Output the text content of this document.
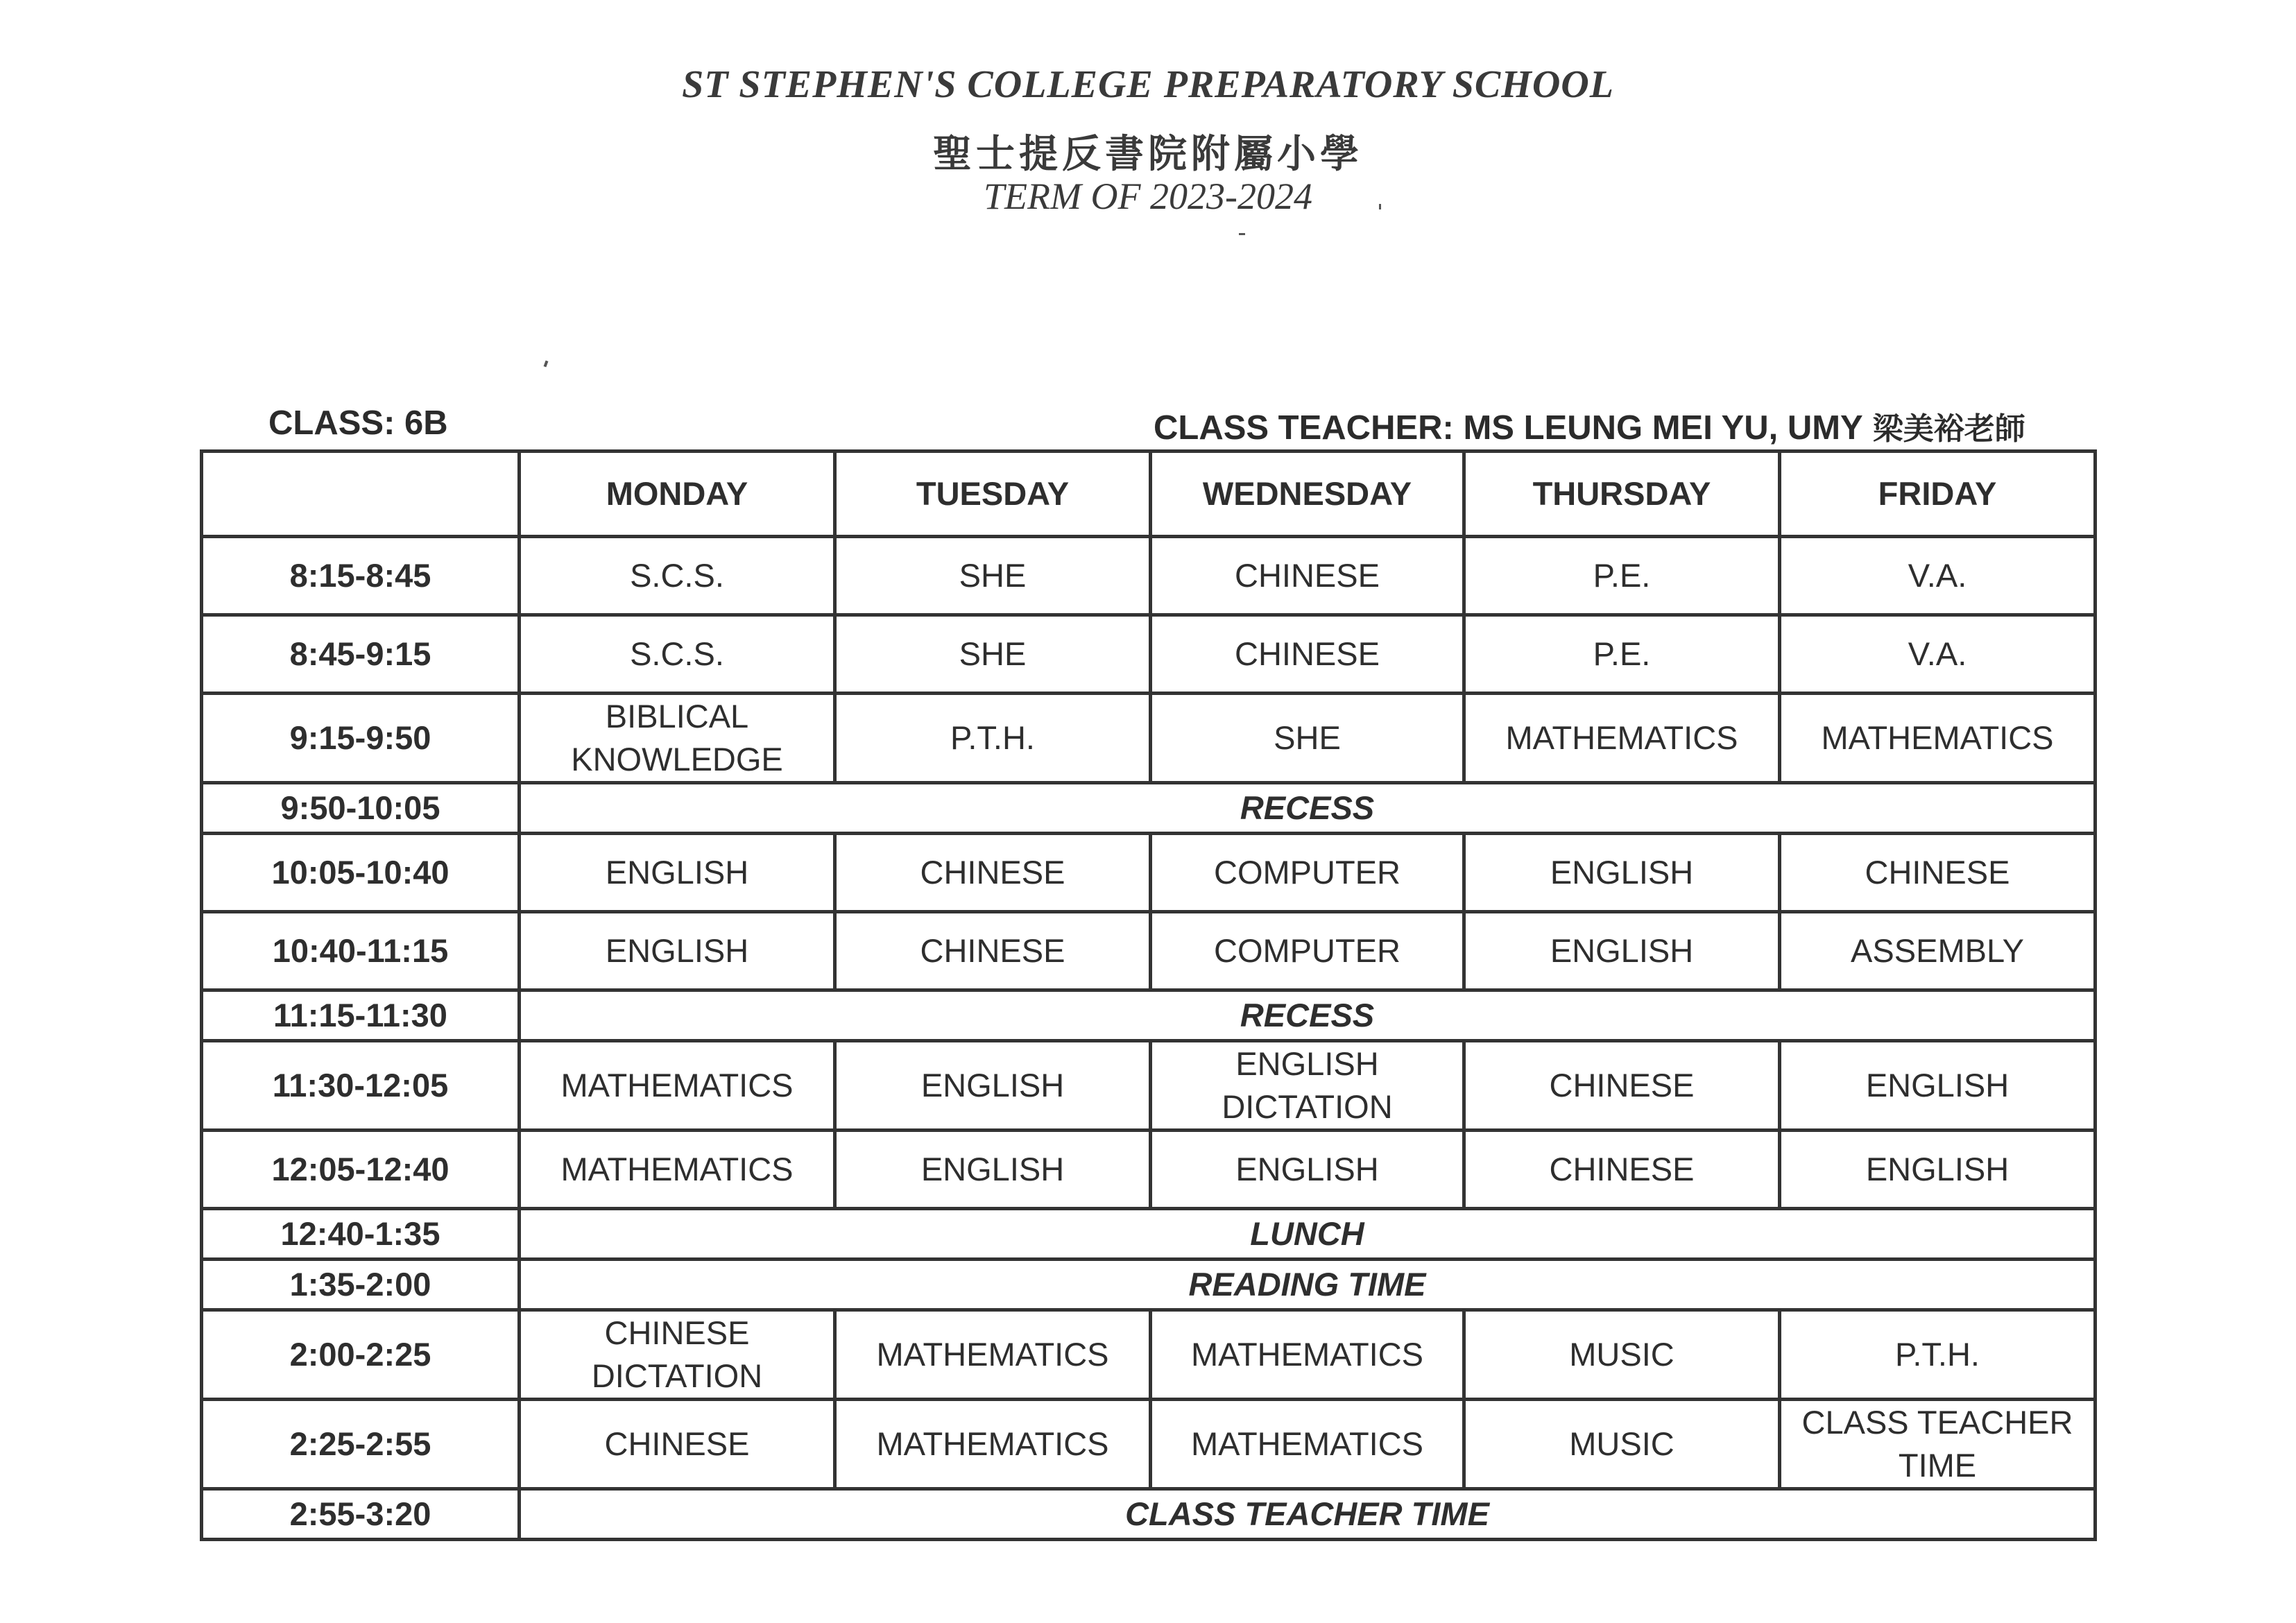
ST STEPHEN'S COLLEGE PREPARATORY SCHOOL
聖士提反書院附屬小學
TERM OF 2023-2024
CLASS: 6B	CLASS TEACHER: MS LEUNG MEI YU, UMY 梁美裕老師
	MONDAY	TUESDAY	WEDNESDAY	THURSDAY	FRIDAY
8:15-8:45	S.C.S.	SHE	CHINESE	P.E.	V.A.
8:45-9:15	S.C.S.	SHE	CHINESE	P.E.	V.A.
9:15-9:50	BIBLICAL KNOWLEDGE	P.T.H.	SHE	MATHEMATICS	MATHEMATICS
9:50-10:05	RECESS				
10:05-10:40	ENGLISH	CHINESE	COMPUTER	ENGLISH	CHINESE
10:40-11:15	ENGLISH	CHINESE	COMPUTER	ENGLISH	ASSEMBLY
11:15-11:30	RECESS				
11:30-12:05	MATHEMATICS	ENGLISH	ENGLISH DICTATION	CHINESE	ENGLISH
12:05-12:40	MATHEMATICS	ENGLISH	ENGLISH	CHINESE	ENGLISH
12:40-1:35	LUNCH				
1:35-2:00	READING TIME				
2:00-2:25	CHINESE DICTATION	MATHEMATICS	MATHEMATICS	MUSIC	P.T.H.
2:25-2:55	CHINESE	MATHEMATICS	MATHEMATICS	MUSIC	CLASS TEACHER TIME
2:55-3:20	CLASS TEACHER TIME				
